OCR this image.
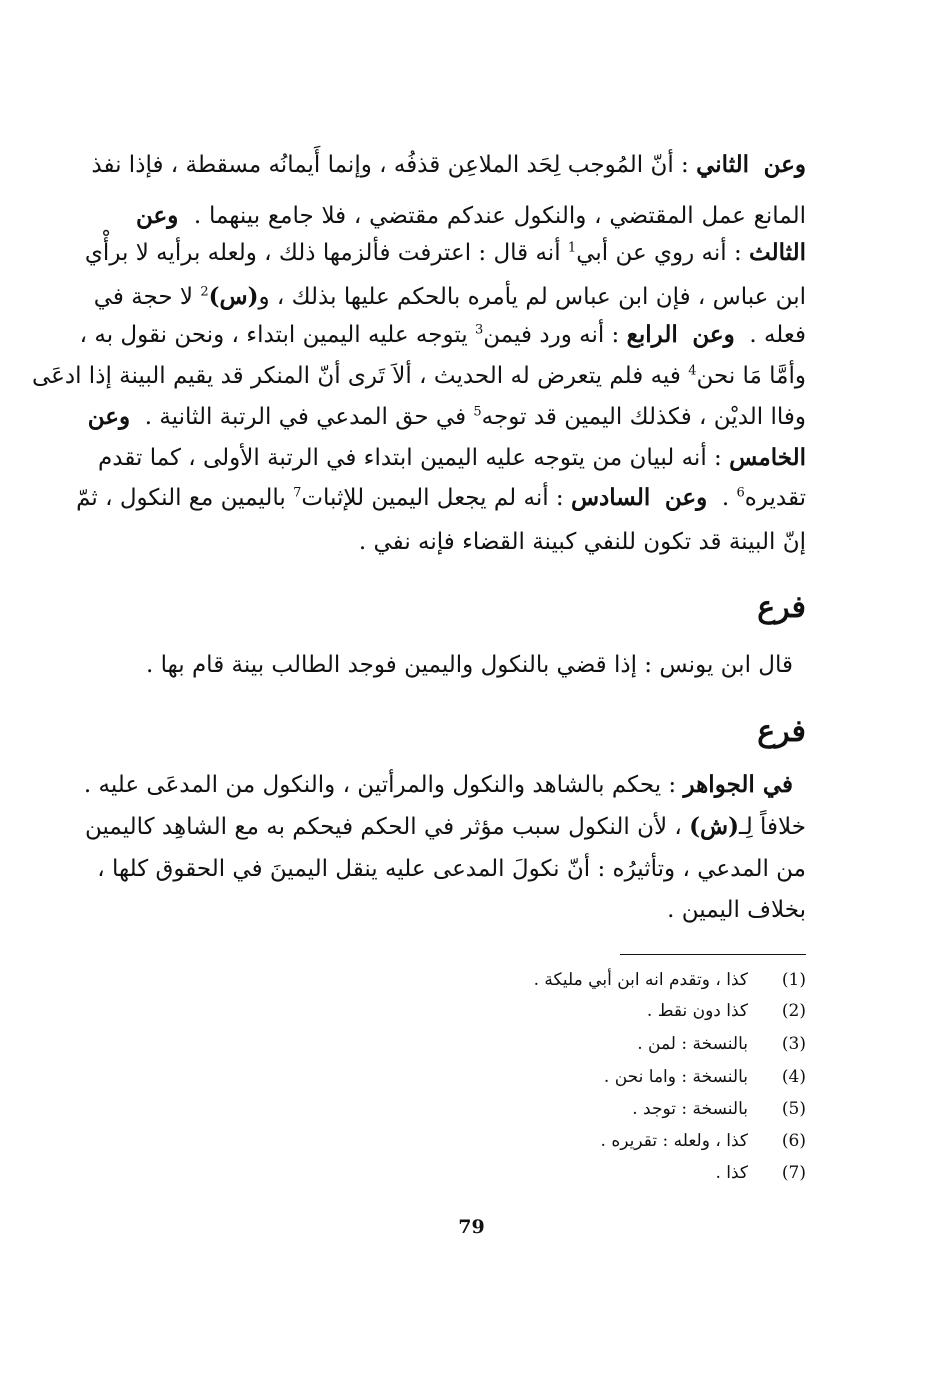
وعن  الثاني : أنّ المُوجب لِحَد الملاعِن قذفُه ، وإنما أَيمانُه مسقطة ، فإذا نفذ
المانع عمل المقتضي ، والنكول عندكم مقتضي ، فلا جامع بينهما .  وعن
الثالث : أنه روي عن أبي$^1$ أنه قال : اعترفت فألزمها ذلك ، ولعله برأيه لا برأْي
ابن عباس ، فإن ابن عباس لم يأمره بالحكم عليها بذلك ، و(س)$^2$ لا حجة في
فعله .  وعن  الرابع : أنه ورد فيمن$^3$ يتوجه عليه اليمين ابتداء ، ونحن نقول به ،
وأمَّا مَا نحن$^4$ فيه فلم يتعرض له الحديث ، ألاَ تَرى أنّ المنكر قد يقيم البينة إذا ادعَى
وفاا الديْن ، فكذلك اليمين قد توجه$^5$ في حق المدعي في الرتبة الثانية .  وعن
الخامس : أنه لبيان من يتوجه عليه اليمين ابتداء في الرتبة الأولى ، كما تقدم
تقديره$^6$ .  وعن  السادس : أنه لم يجعل اليمين للإثبات$^7$ باليمين مع النكول ، ثمّ
إنّ البينة قد تكون للنفي كبينة القضاء فإنه نفي .
فرع
قال ابن يونس : إذا قضي بالنكول واليمين فوجد الطالب بينة قام بها .
فرع
في الجواهر : يحكم بالشاهد والنكول والمرأتين ، والنكول من المدعَى عليه .
خلافاً لِـ(ش) ، لأن النكول سبب مؤثر في الحكم فيحكم به مع الشاهِد كاليمين
من المدعي ، وتأثيرُه : أنّ نكولَ المدعى عليه ينقل اليمينَ في الحقوق كلها ،
بخلاف اليمين .
(1)كذا ، وتقدم انه ابن أبي مليكة .
(2)كذا دون نقط .
(3)بالنسخة : لمن .
(4)بالنسخة : واما نحن .
(5)بالنسخة : توجد .
(6)كذا ، ولعله : تقريره .
(7)كذا .
79
